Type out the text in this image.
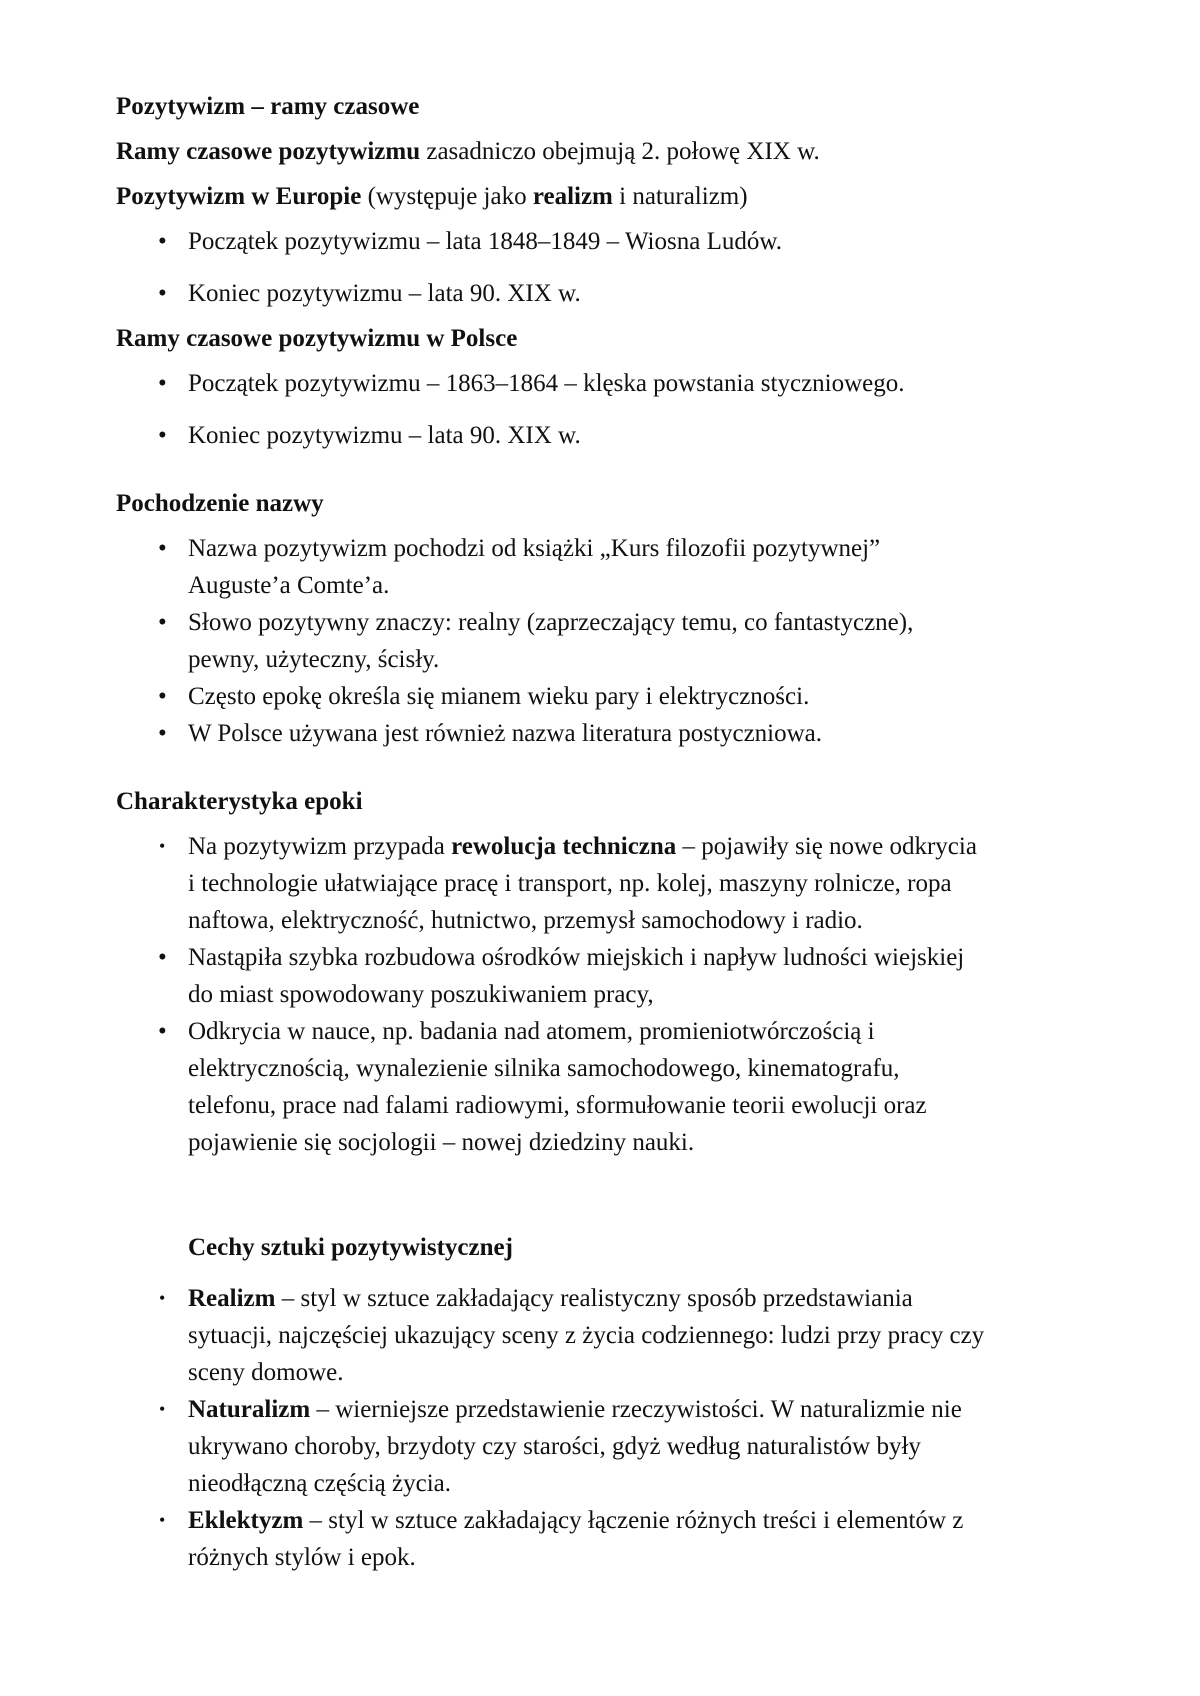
Pozytywizm – ramy czasowe
Ramy czasowe pozytywizmu zasadniczo obejmują 2. połowę XIX w.
Pozytywizm w Europie (występuje jako realizm i naturalizm)
• Początek pozytywizmu – lata 1848–1849 – Wiosna Ludów.
• Koniec pozytywizmu – lata 90. XIX w.
Ramy czasowe pozytywizmu w Polsce
• Początek pozytywizmu – 1863–1864 – klęska powstania styczniowego.
• Koniec pozytywizmu – lata 90. XIX w.
Pochodzenie nazwy
• Nazwa pozytywizm pochodzi od książki „Kurs filozofii pozytywnej”
Auguste’a Comte’a.
• Słowo pozytywny znaczy: realny (zaprzeczający temu, co fantastyczne),
pewny, użyteczny, ścisły.
• Często epokę określa się mianem wieku pary i elektryczności.
• W Polsce używana jest również nazwa literatura postyczniowa.
Charakterystyka epoki
• Na pozytywizm przypada rewolucja techniczna – pojawiły się nowe odkrycia
i technologie ułatwiające pracę i transport, np. kolej, maszyny rolnicze, ropa
naftowa, elektryczność, hutnictwo, przemysł samochodowy i radio.
• Nastąpiła szybka rozbudowa ośrodków miejskich i napływ ludności wiejskiej
do miast spowodowany poszukiwaniem pracy,
• Odkrycia w nauce, np. badania nad atomem, promieniotwórczością i
elektrycznością, wynalezienie silnika samochodowego, kinematografu,
telefonu, prace nad falami radiowymi, sformułowanie teorii ewolucji oraz
pojawienie się socjologii – nowej dziedziny nauki.
Cechy sztuki pozytywistycznej
• Realizm – styl w sztuce zakładający realistyczny sposób przedstawiania
sytuacji, najczęściej ukazujący sceny z życia codziennego: ludzi przy pracy czy
sceny domowe.
• Naturalizm – wierniejsze przedstawienie rzeczywistości. W naturalizmie nie
ukrywano choroby, brzydoty czy starości, gdyż według naturalistów były
nieodłączną częścią życia.
• Eklektyzm – styl w sztuce zakładający łączenie różnych treści i elementów z
różnych stylów i epok.
